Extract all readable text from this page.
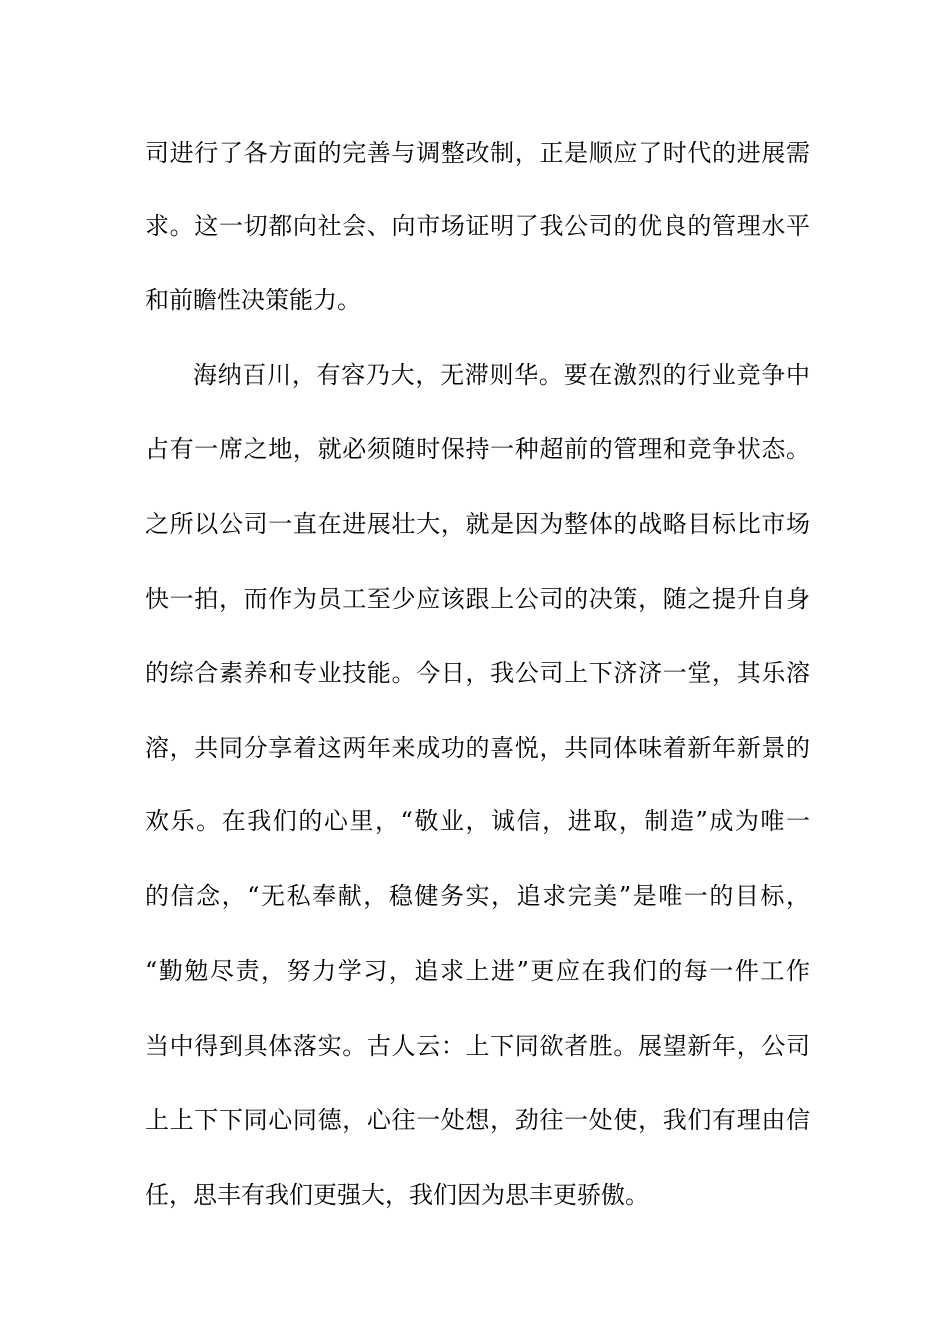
司进行了各方面的完善与调整改制，正是顺应了时代的进展需
求。这一切都向社会、向市场证明了我公司的优良的管理水平
和前瞻性决策能力。
海纳百川，有容乃大，无滞则华。要在激烈的行业竞争中
占有一席之地，就必须随时保持一种超前的管理和竞争状态。
之所以公司一直在进展壮大，就是因为整体的战略目标比市场
快一拍，而作为员工至少应该跟上公司的决策，随之提升自身
的综合素养和专业技能。今日，我公司上下济济一堂，其乐溶
溶，共同分享着这两年来成功的喜悦，共同体味着新年新景的
欢乐。在我们的心里，“敬业，诚信，进取，制造”成为唯一
的信念，“无私奉献，稳健务实，追求完美”是唯一的目标，
“勤勉尽责，努力学习，追求上进”更应在我们的每一件工作
当中得到具体落实。古人云：上下同欲者胜。展望新年，公司
上上下下同心同德，心往一处想，劲往一处使，我们有理由信
任，思丰有我们更强大，我们因为思丰更骄傲。
